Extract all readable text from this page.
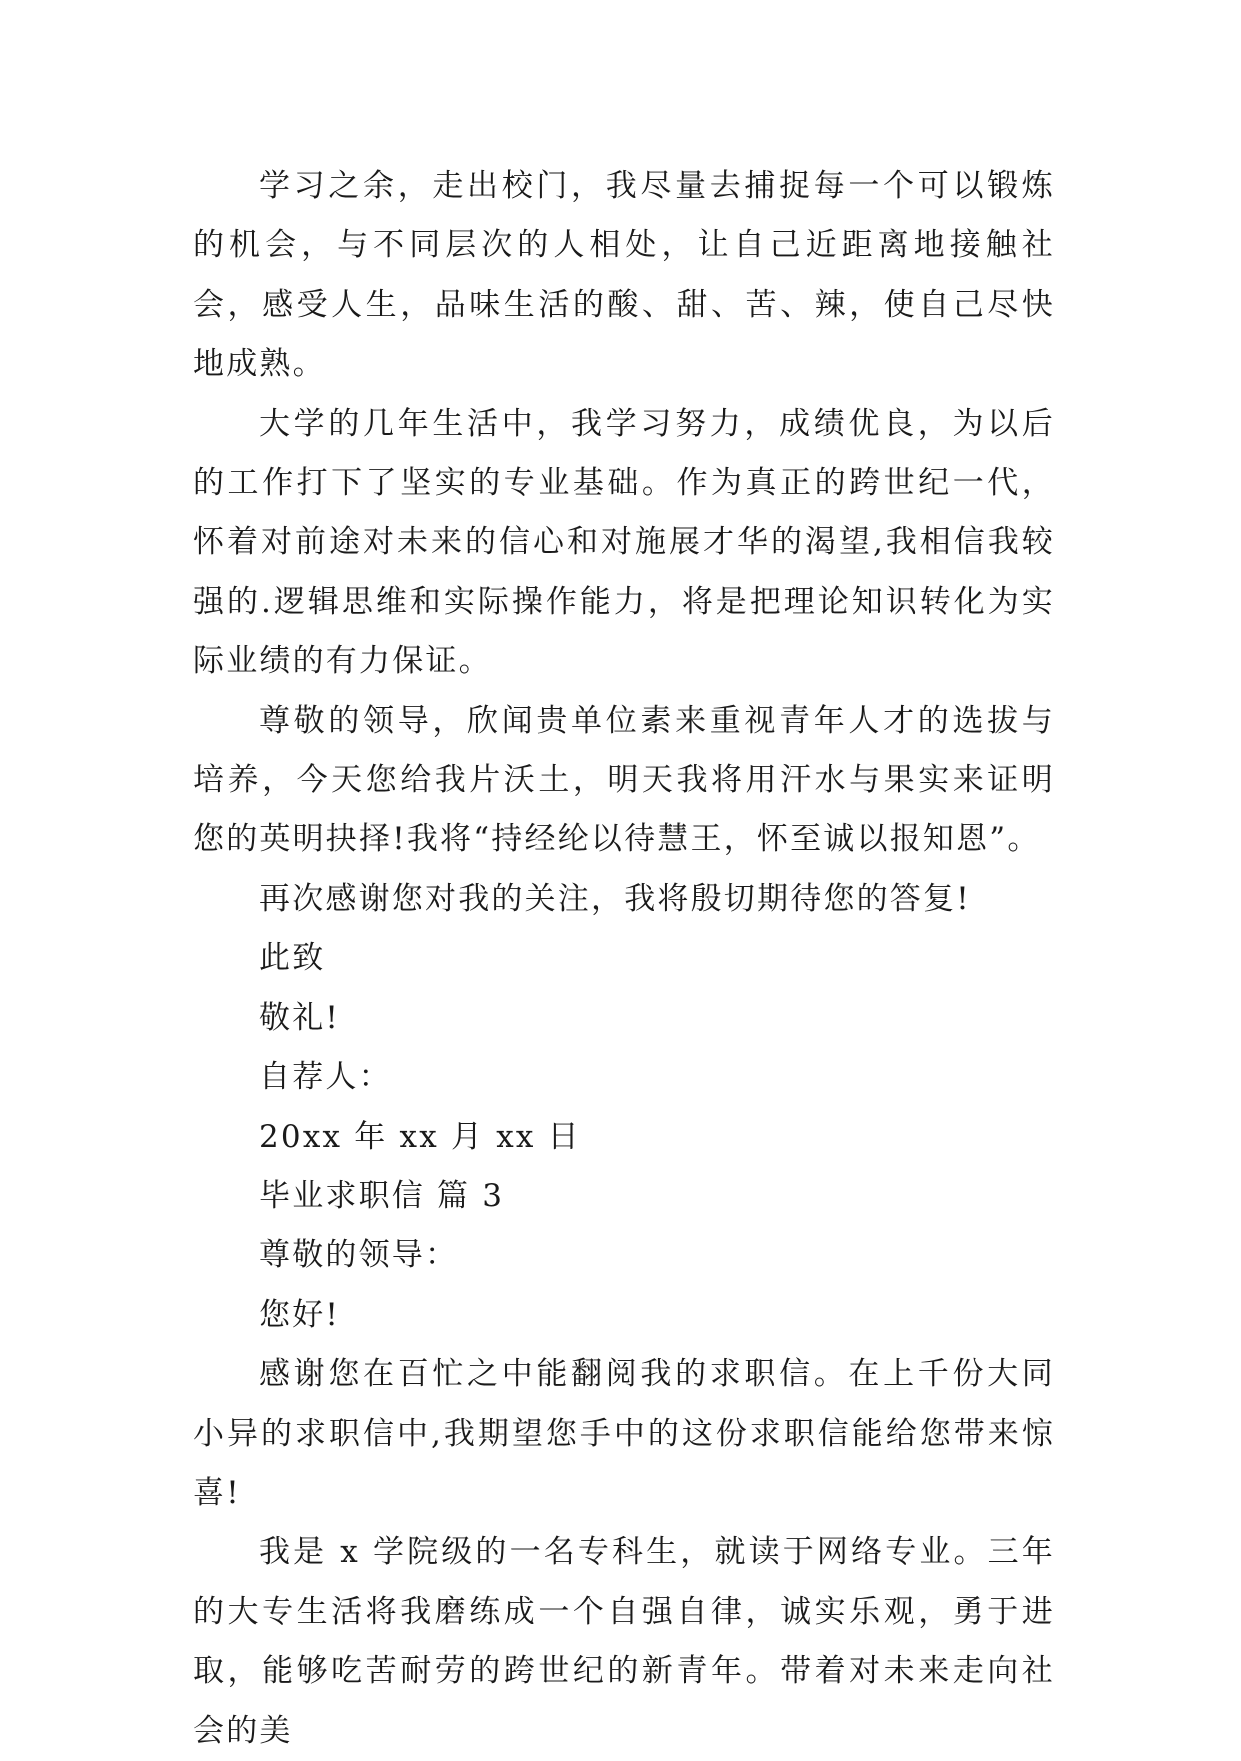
学习之余，走出校门，我尽量去捕捉每一个可以锻炼的机会，与不同层次的人相处，让自己近距离地接触社会，感受人生，品味生活的酸、甜、苦、辣，使自己尽快地成熟。

大学的几年生活中，我学习努力，成绩优良，为以后的工作打下了坚实的专业基础。作为真正的跨世纪一代，怀着对前途对未来的信心和对施展才华的渴望,我相信我较强的.逻辑思维和实际操作能力，将是把理论知识转化为实际业绩的有力保证。

尊敬的领导，欣闻贵单位素来重视青年人才的选拔与培养，今天您给我片沃土，明天我将用汗水与果实来证明您的英明抉择!我将“持经纶以待慧王，怀至诚以报知恩”。

再次感谢您对我的关注，我将殷切期待您的答复!

此致

敬礼!

自荐人：

20xx 年 xx 月 xx 日

毕业求职信 篇 3

尊敬的领导：

您好!

感谢您在百忙之中能翻阅我的求职信。在上千份大同小异的求职信中,我期望您手中的这份求职信能给您带来惊喜!

我是 x 学院级的一名专科生，就读于网络专业。三年的大专生活将我磨练成一个自强自律，诚实乐观，勇于进取，能够吃苦耐劳的跨世纪的新青年。带着对未来走向社会的美
